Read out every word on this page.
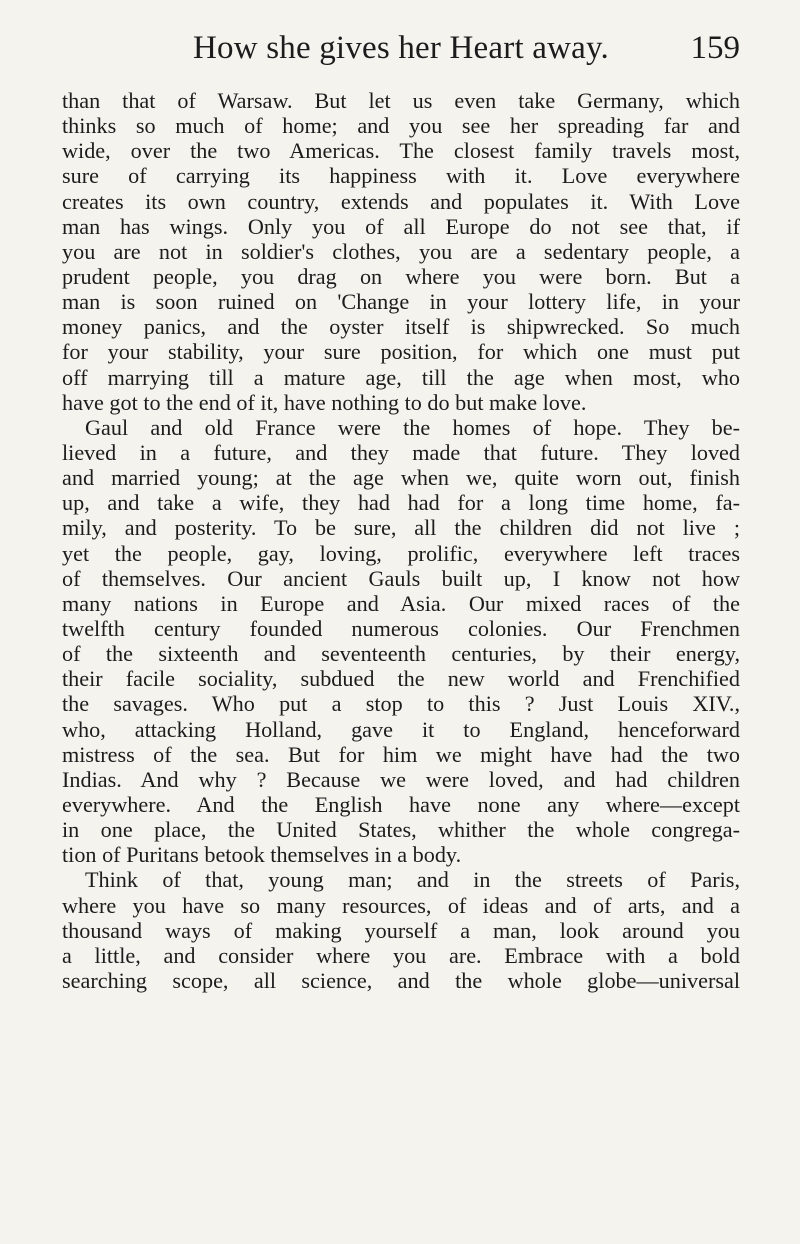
How she gives her Heart away.	159
than that of Warsaw. But let us even take Germany, which
thinks so much of home; and you see her spreading far and
wide, over the two Americas. The closest family travels most,
sure of carrying its happiness with it. Love everywhere
creates its own country, extends and populates it. With Love
man has wings. Only you of all Europe do not see that, if
you are not in soldier's clothes, you are a sedentary people, a
prudent people, you drag on where you were born. But a
man is soon ruined on 'Change in your lottery life, in your
money panics, and the oyster itself is shipwrecked. So much
for your stability, your sure position, for which one must put
off marrying till a mature age, till the age when most, who
have got to the end of it, have nothing to do but make love.
Gaul and old France were the homes of hope. They be-
lieved in a future, and they made that future. They loved
and married young; at the age when we, quite worn out, finish
up, and take a wife, they had had for a long time home, fa-
mily, and posterity. To be sure, all the children did not live ;
yet the people, gay, loving, prolific, everywhere left traces
of themselves. Our ancient Gauls built up, I know not how
many nations in Europe and Asia. Our mixed races of the
twelfth century founded numerous colonies. Our Frenchmen
of the sixteenth and seventeenth centuries, by their energy,
their facile sociality, subdued the new world and Frenchified
the savages. Who put a stop to this ? Just Louis XIV.,
who, attacking Holland, gave it to England, henceforward
mistress of the sea. But for him we might have had the two
Indias. And why ? Because we were loved, and had children
everywhere. And the English have none any where—except
in one place, the United States, whither the whole congrega-
tion of Puritans betook themselves in a body.
Think of that, young man; and in the streets of Paris,
where you have so many resources, of ideas and of arts, and a
thousand ways of making yourself a man, look around you
a little, and consider where you are. Embrace with a bold
searching scope, all science, and the whole globe—universal
